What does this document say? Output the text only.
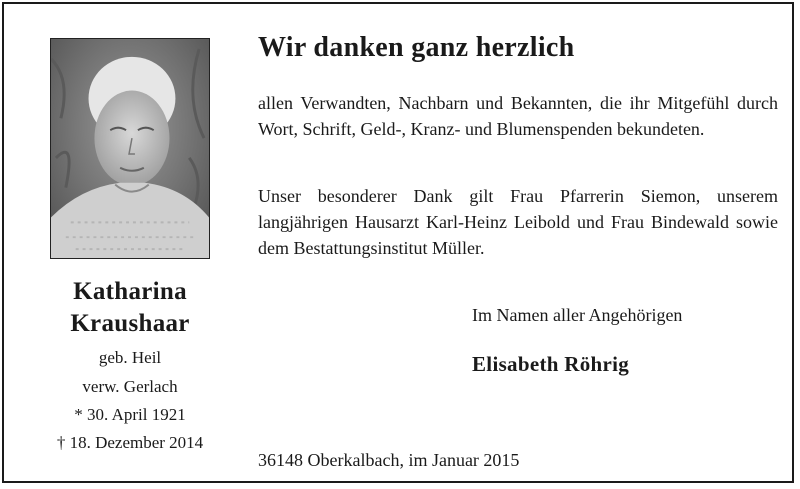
Katharina
Kraushaar
geb. Heil
verw. Gerlach
* 30. April 1921
† 18. Dezember 2014
Wir danken ganz herzlich
allen Verwandten, Nachbarn und Bekannten, die ihr Mitgefühl durch Wort, Schrift, Geld-, Kranz- und Blumenspenden bekundeten.
Unser besonderer Dank gilt Frau Pfarrerin Siemon, unserem langjährigen Hausarzt Karl-Heinz Leibold und Frau Bindewald sowie dem Bestattungsinstitut Müller.
Im Namen aller Angehörigen
Elisabeth Röhrig
36148 Oberkalbach, im Januar 2015
